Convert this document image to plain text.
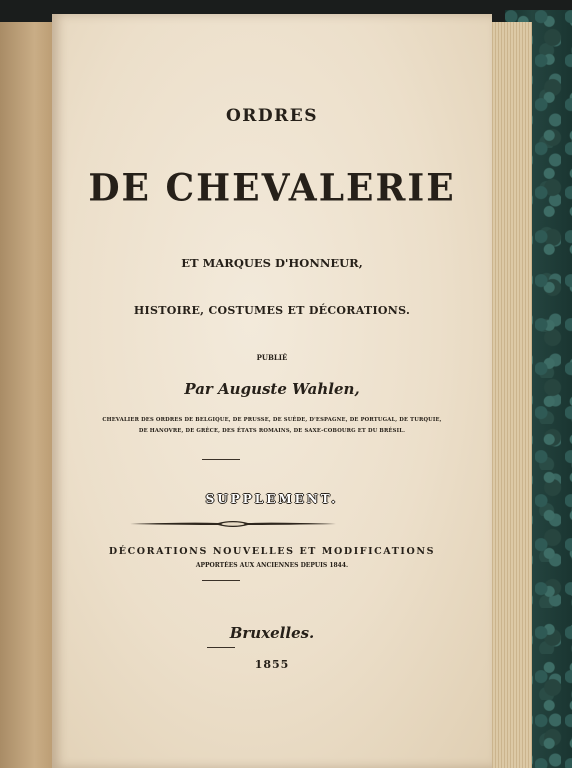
ORDRES
DE CHEVALERIE
ET MARQUES D'HONNEUR,
HISTOIRE, COSTUMES ET DÉCORATIONS.
PUBLIÉ
Par Auguste Wahlen,
CHEVALIER DES ORDRES DE BELGIQUE, DE PRUSSE, DE SUÈDE, D'ESPAGNE, DE PORTUGAL, DE TURQUIE,
DE HANOVRE, DE GRÈCE, DES ÉTATS ROMAINS, DE SAXE-COBOURG ET DU BRÉSIL.
SUPPLEMENT.
DÉCORATIONS NOUVELLES ET MODIFICATIONS
APPORTÉES AUX ANCIENNES DEPUIS 1844.
Bruxelles.
1855
